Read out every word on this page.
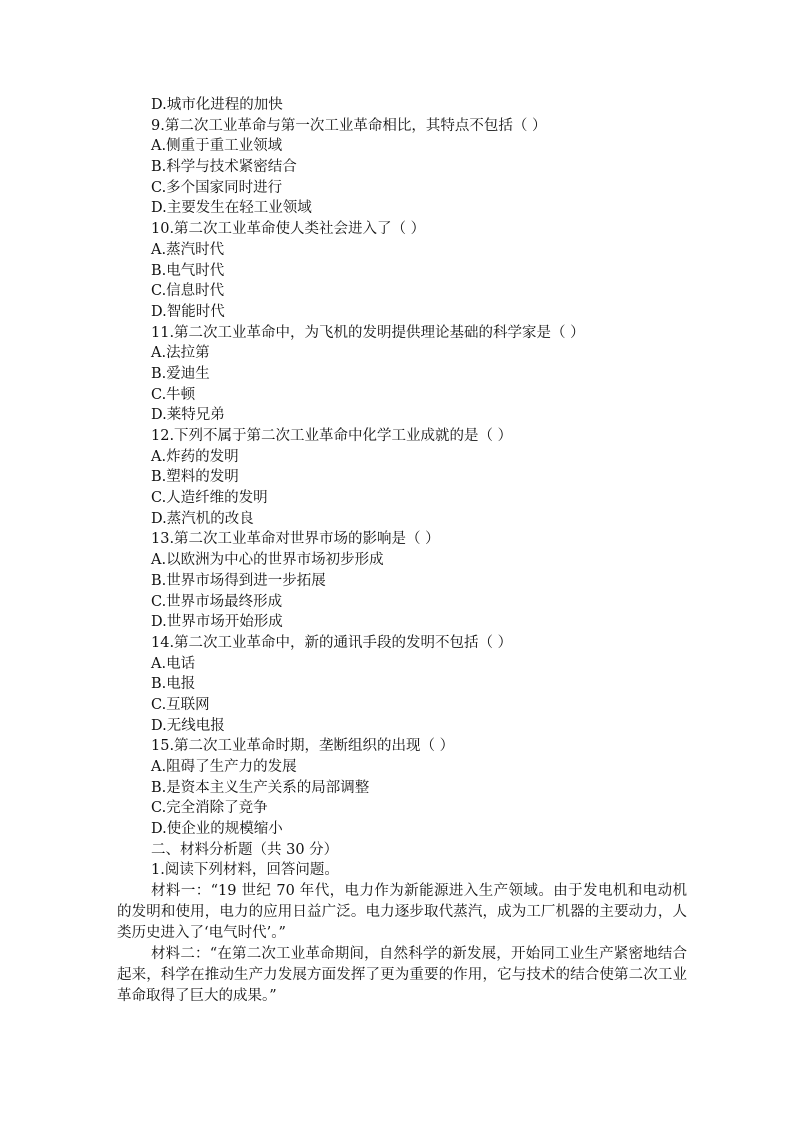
D.城市化进程的加快
9.第二次工业革命与第一次工业革命相比，其特点不包括（ ）
A.侧重于重工业领域
B.科学与技术紧密结合
C.多个国家同时进行
D.主要发生在轻工业领域
10.第二次工业革命使人类社会进入了（ ）
A.蒸汽时代
B.电气时代
C.信息时代
D.智能时代
11.第二次工业革命中，为飞机的发明提供理论基础的科学家是（ ）
A.法拉第
B.爱迪生
C.牛顿
D.莱特兄弟
12.下列不属于第二次工业革命中化学工业成就的是（ ）
A.炸药的发明
B.塑料的发明
C.人造纤维的发明
D.蒸汽机的改良
13.第二次工业革命对世界市场的影响是（ ）
A.以欧洲为中心的世界市场初步形成
B.世界市场得到进一步拓展
C.世界市场最终形成
D.世界市场开始形成
14.第二次工业革命中，新的通讯手段的发明不包括（ ）
A.电话
B.电报
C.互联网
D.无线电报
15.第二次工业革命时期，垄断组织的出现（ ）
A.阻碍了生产力的发展
B.是资本主义生产关系的局部调整
C.完全消除了竞争
D.使企业的规模缩小
二、材料分析题（共 30 分）
1.阅读下列材料，回答问题。

材料一：“19 世纪 70 年代，电力作为新能源进入生产领域。由于发电机和电动机的发明和使用，电力的应用日益广泛。电力逐步取代蒸汽，成为工厂机器的主要动力，人类历史进入了‘电气时代’。”

材料二：“在第二次工业革命期间，自然科学的新发展，开始同工业生产紧密地结合起来，科学在推动生产力发展方面发挥了更为重要的作用，它与技术的结合使第二次工业革命取得了巨大的成果。”
